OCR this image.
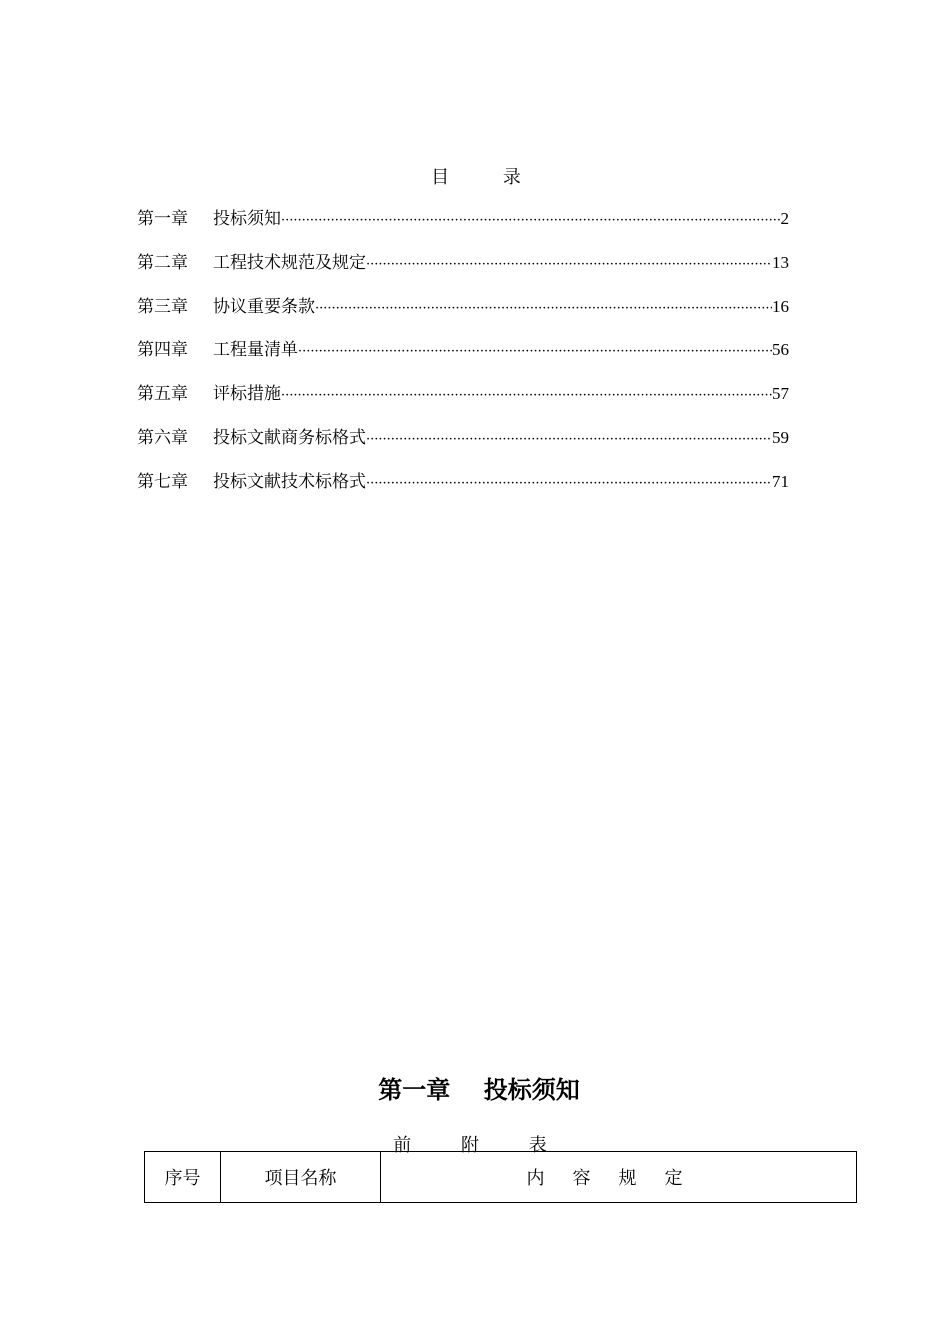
目 录
第一章	投标须知 ·····	2
第二章	工程技术规范及规定 ·····	13
第三章	协议重要条款 ·····	16
第四章	工程量清单 ·····	56
第五章	评标措施 ·····	57
第六章	投标文献商务标格式 ·····	59
第七章	投标文献技术标格式 ·····	71
第一章    投标须知
前 附 表
序号	项目名称	内容规定
